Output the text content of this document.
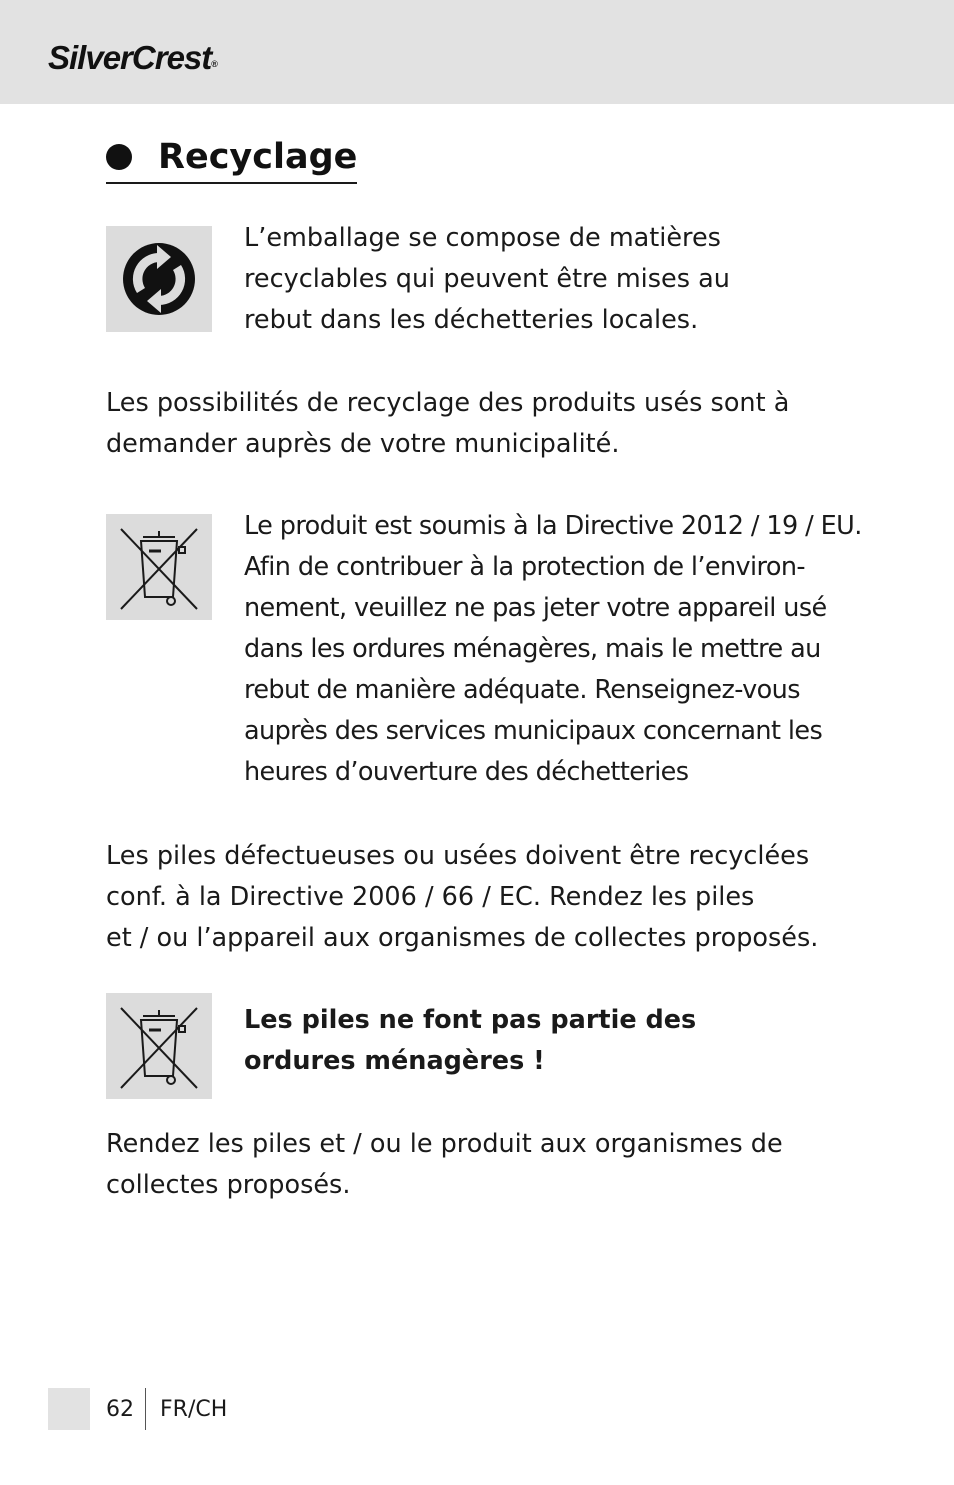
SilverCrest®
Recyclage

L’emballage se compose de matières
recyclables qui peuvent être mises au
rebut dans les déchetteries locales.

Les possibilités de recyclage des produits usés sont à
demander auprès de votre municipalité.

Le produit est soumis à la Directive 2012 / 19 / EU.
Afin de contribuer à la protection de l’environ-
nement, veuillez ne pas jeter votre appareil usé
dans les ordures ménagères, mais le mettre au
rebut de manière adéquate. Renseignez-vous
auprès des services municipaux concernant les
heures d’ouverture des déchetteries

Les piles défectueuses ou usées doivent être recyclées
conf. à la Directive 2006 / 66 / EC. Rendez les piles
et / ou l’appareil aux organismes de collectes proposés.

Les piles ne font pas partie des
ordures ménagères !

Rendez les piles et / ou le produit aux organismes de
collectes proposés.

62 FR/CH
